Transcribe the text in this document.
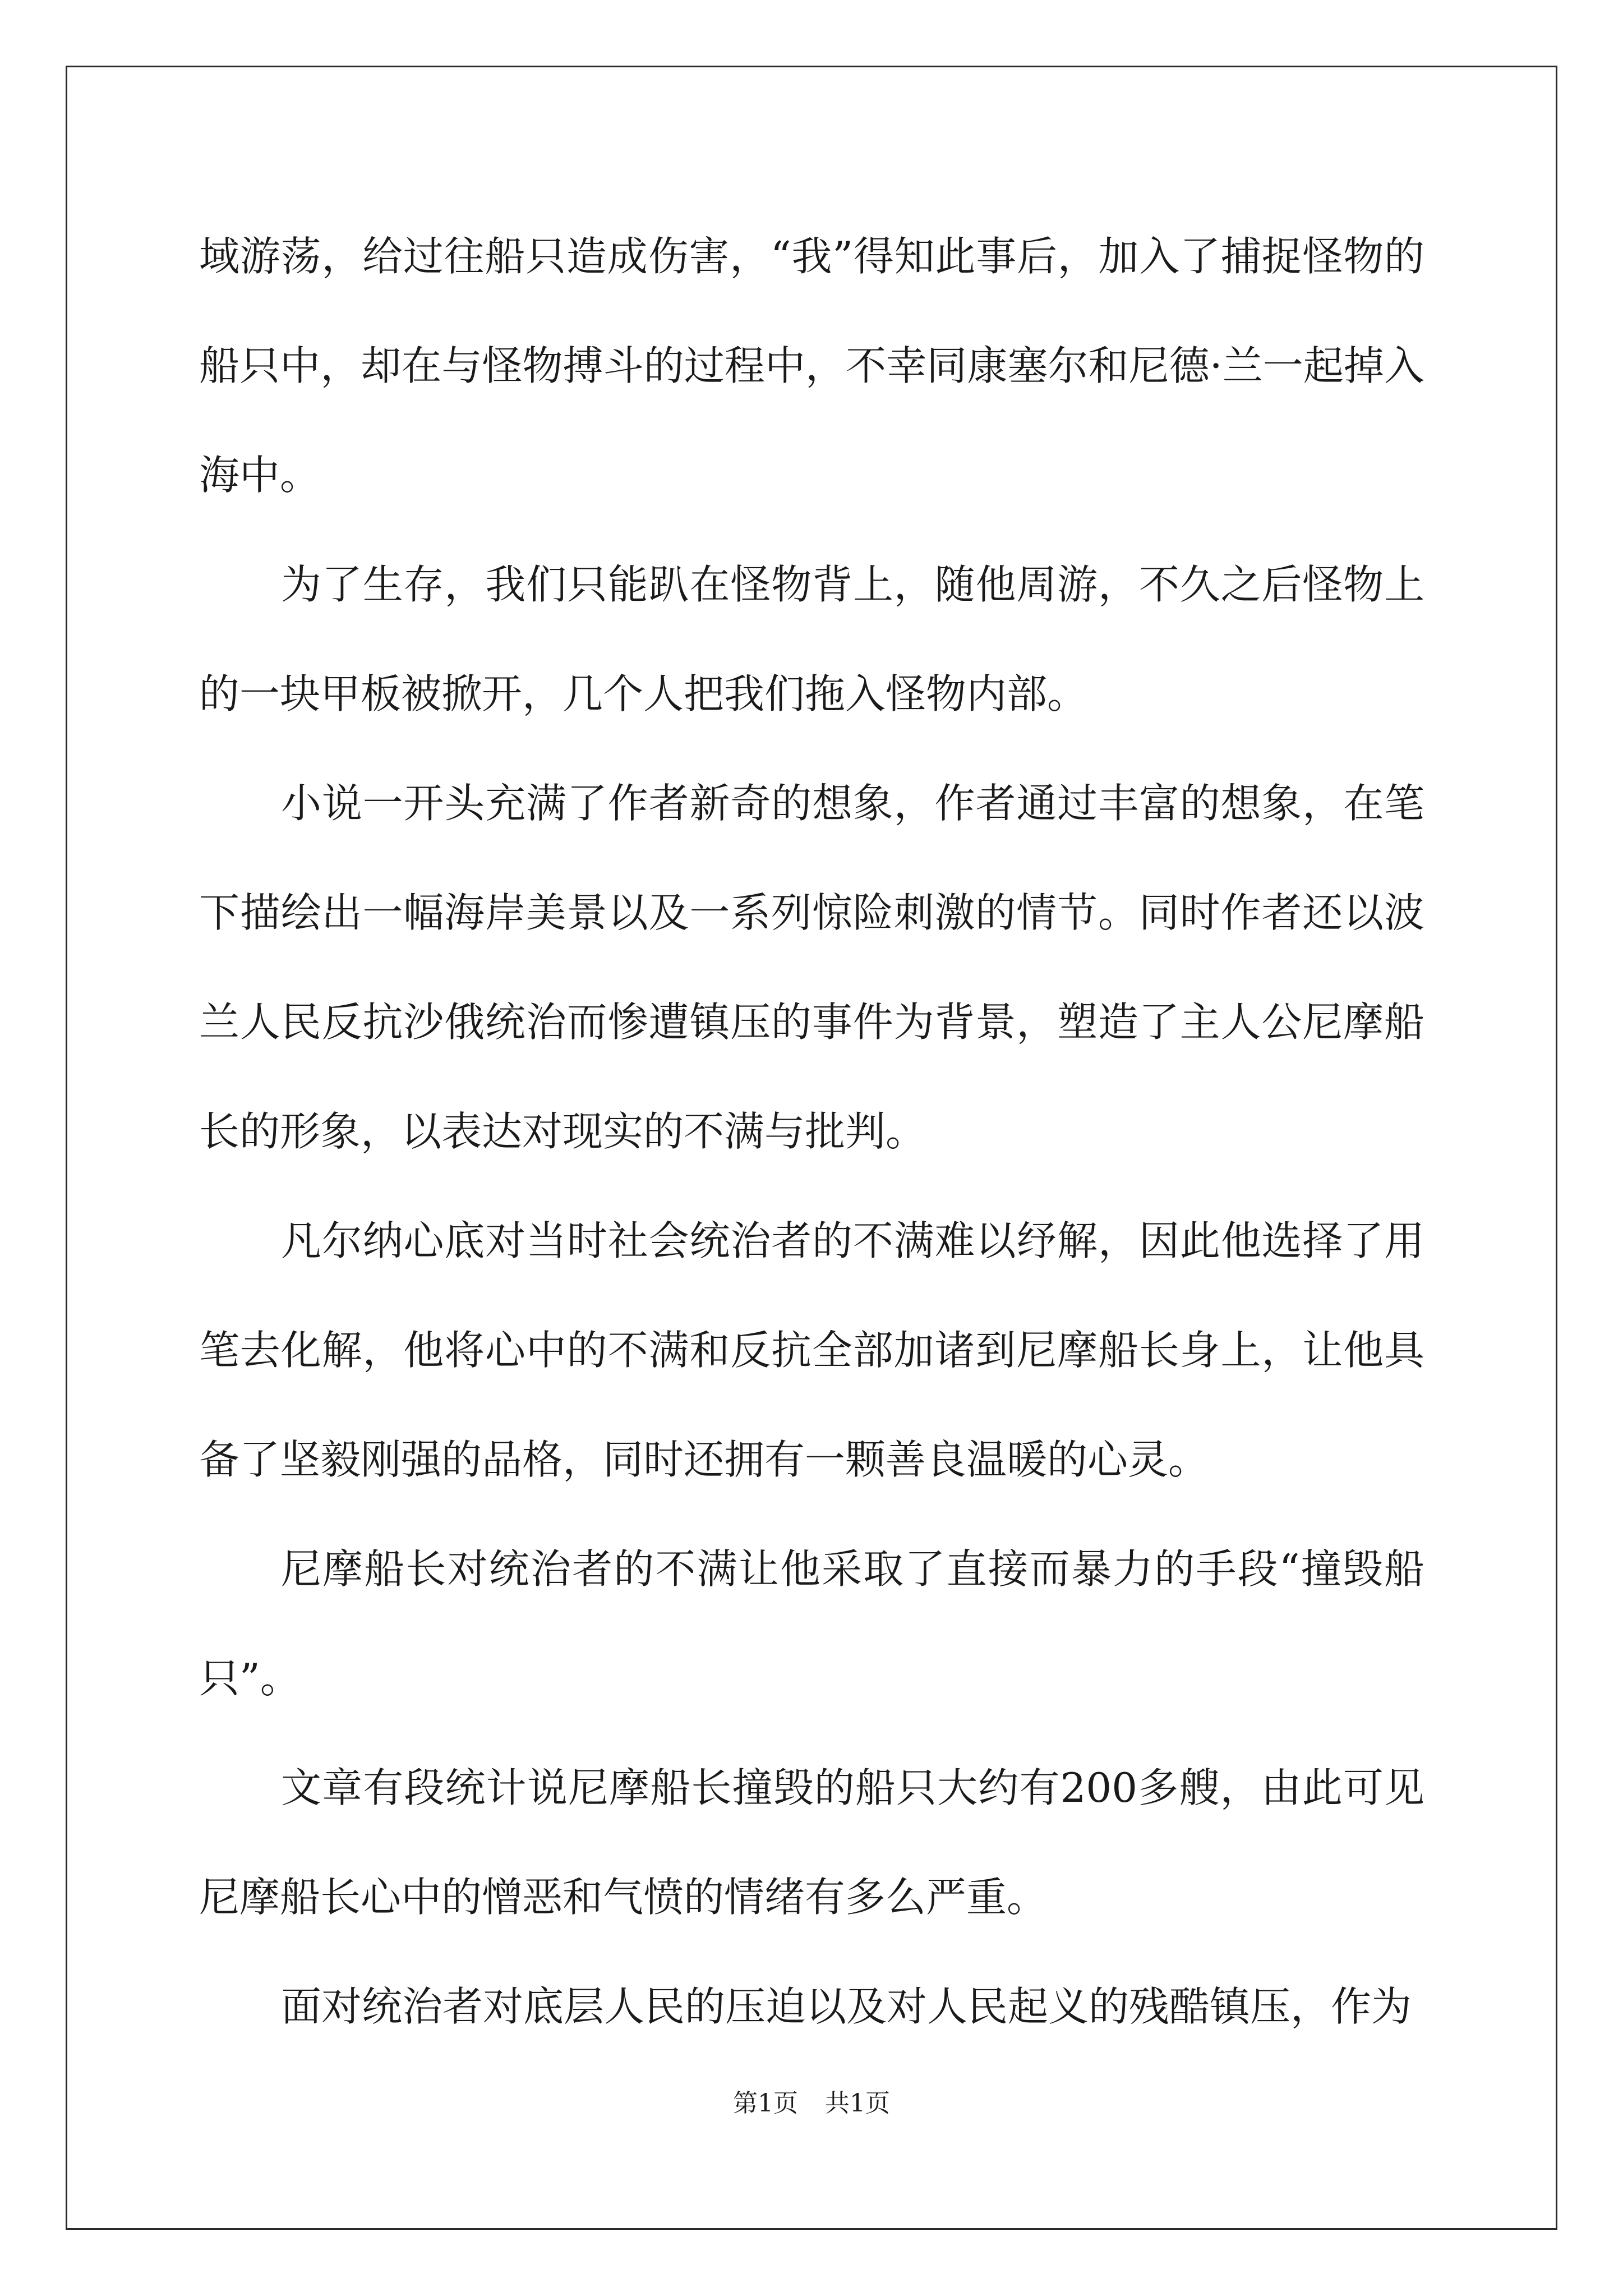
域游荡，给过往船只造成伤害，“我”得知此事后，加入了捕捉怪物的船只中，却在与怪物搏斗的过程中，不幸同康塞尔和尼德·兰一起掉入海中。

为了生存，我们只能趴在怪物背上，随他周游，不久之后怪物上的一块甲板被掀开，几个人把我们拖入怪物内部。

小说一开头充满了作者新奇的想象，作者通过丰富的想象，在笔下描绘出一幅海岸美景以及一系列惊险刺激的情节。同时作者还以波兰人民反抗沙俄统治而惨遭镇压的事件为背景，塑造了主人公尼摩船长的形象，以表达对现实的不满与批判。

凡尔纳心底对当时社会统治者的不满难以纾解，因此他选择了用笔去化解，他将心中的不满和反抗全部加诸到尼摩船长身上，让他具备了坚毅刚强的品格，同时还拥有一颗善良温暖的心灵。

尼摩船长对统治者的不满让他采取了直接而暴力的手段“撞毁船只”。

文章有段统计说尼摩船长撞毁的船只大约有200多艘，由此可见尼摩船长心中的憎恶和气愤的情绪有多么严重。

面对统治者对底层人民的压迫以及对人民起义的残酷镇压，作为

第1页 共1页
